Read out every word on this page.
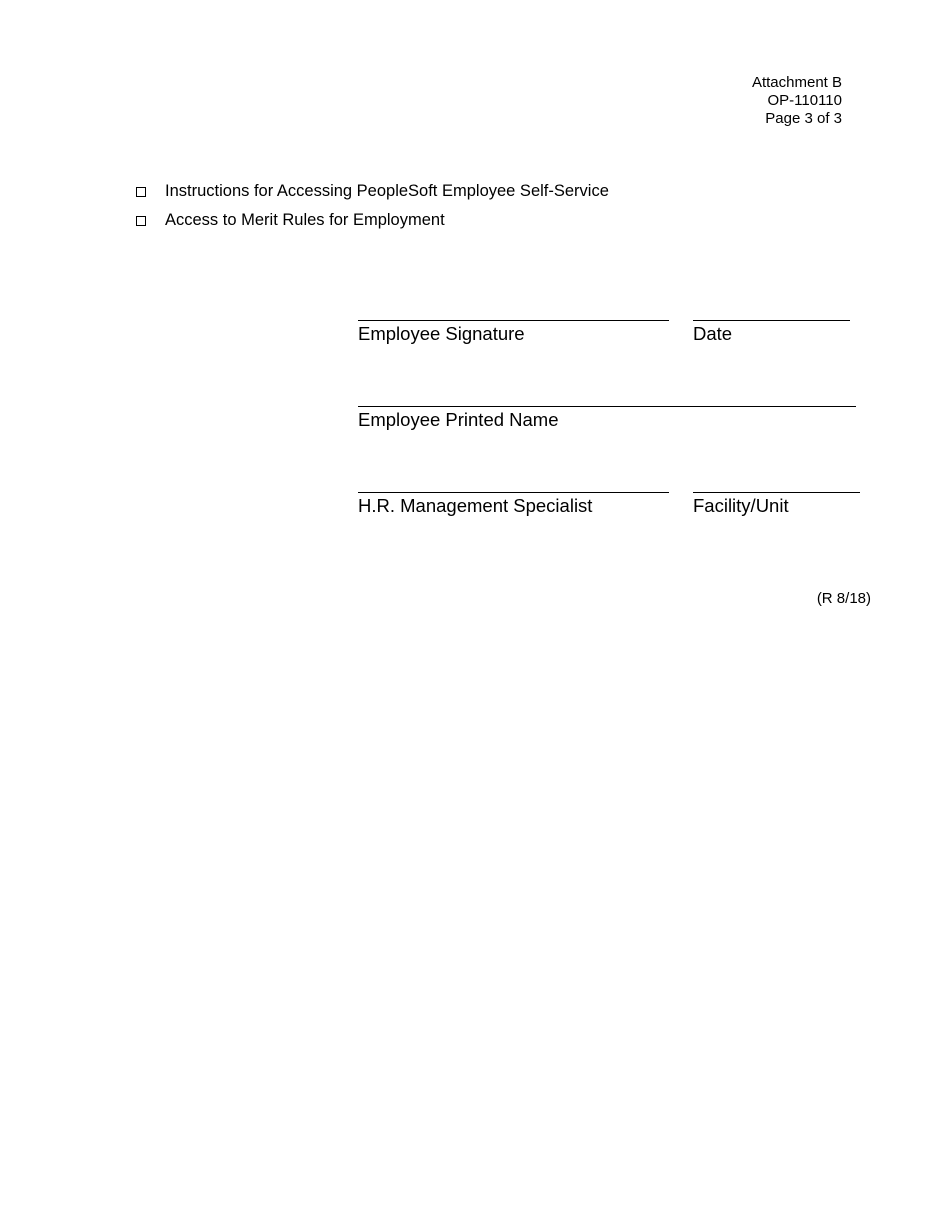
Attachment B
OP-110110
Page 3 of 3
Instructions for Accessing PeopleSoft Employee Self-Service
Access to Merit Rules for Employment
Employee Signature	Date
Employee Printed Name
H.R. Management Specialist	Facility/Unit
(R 8/18)
